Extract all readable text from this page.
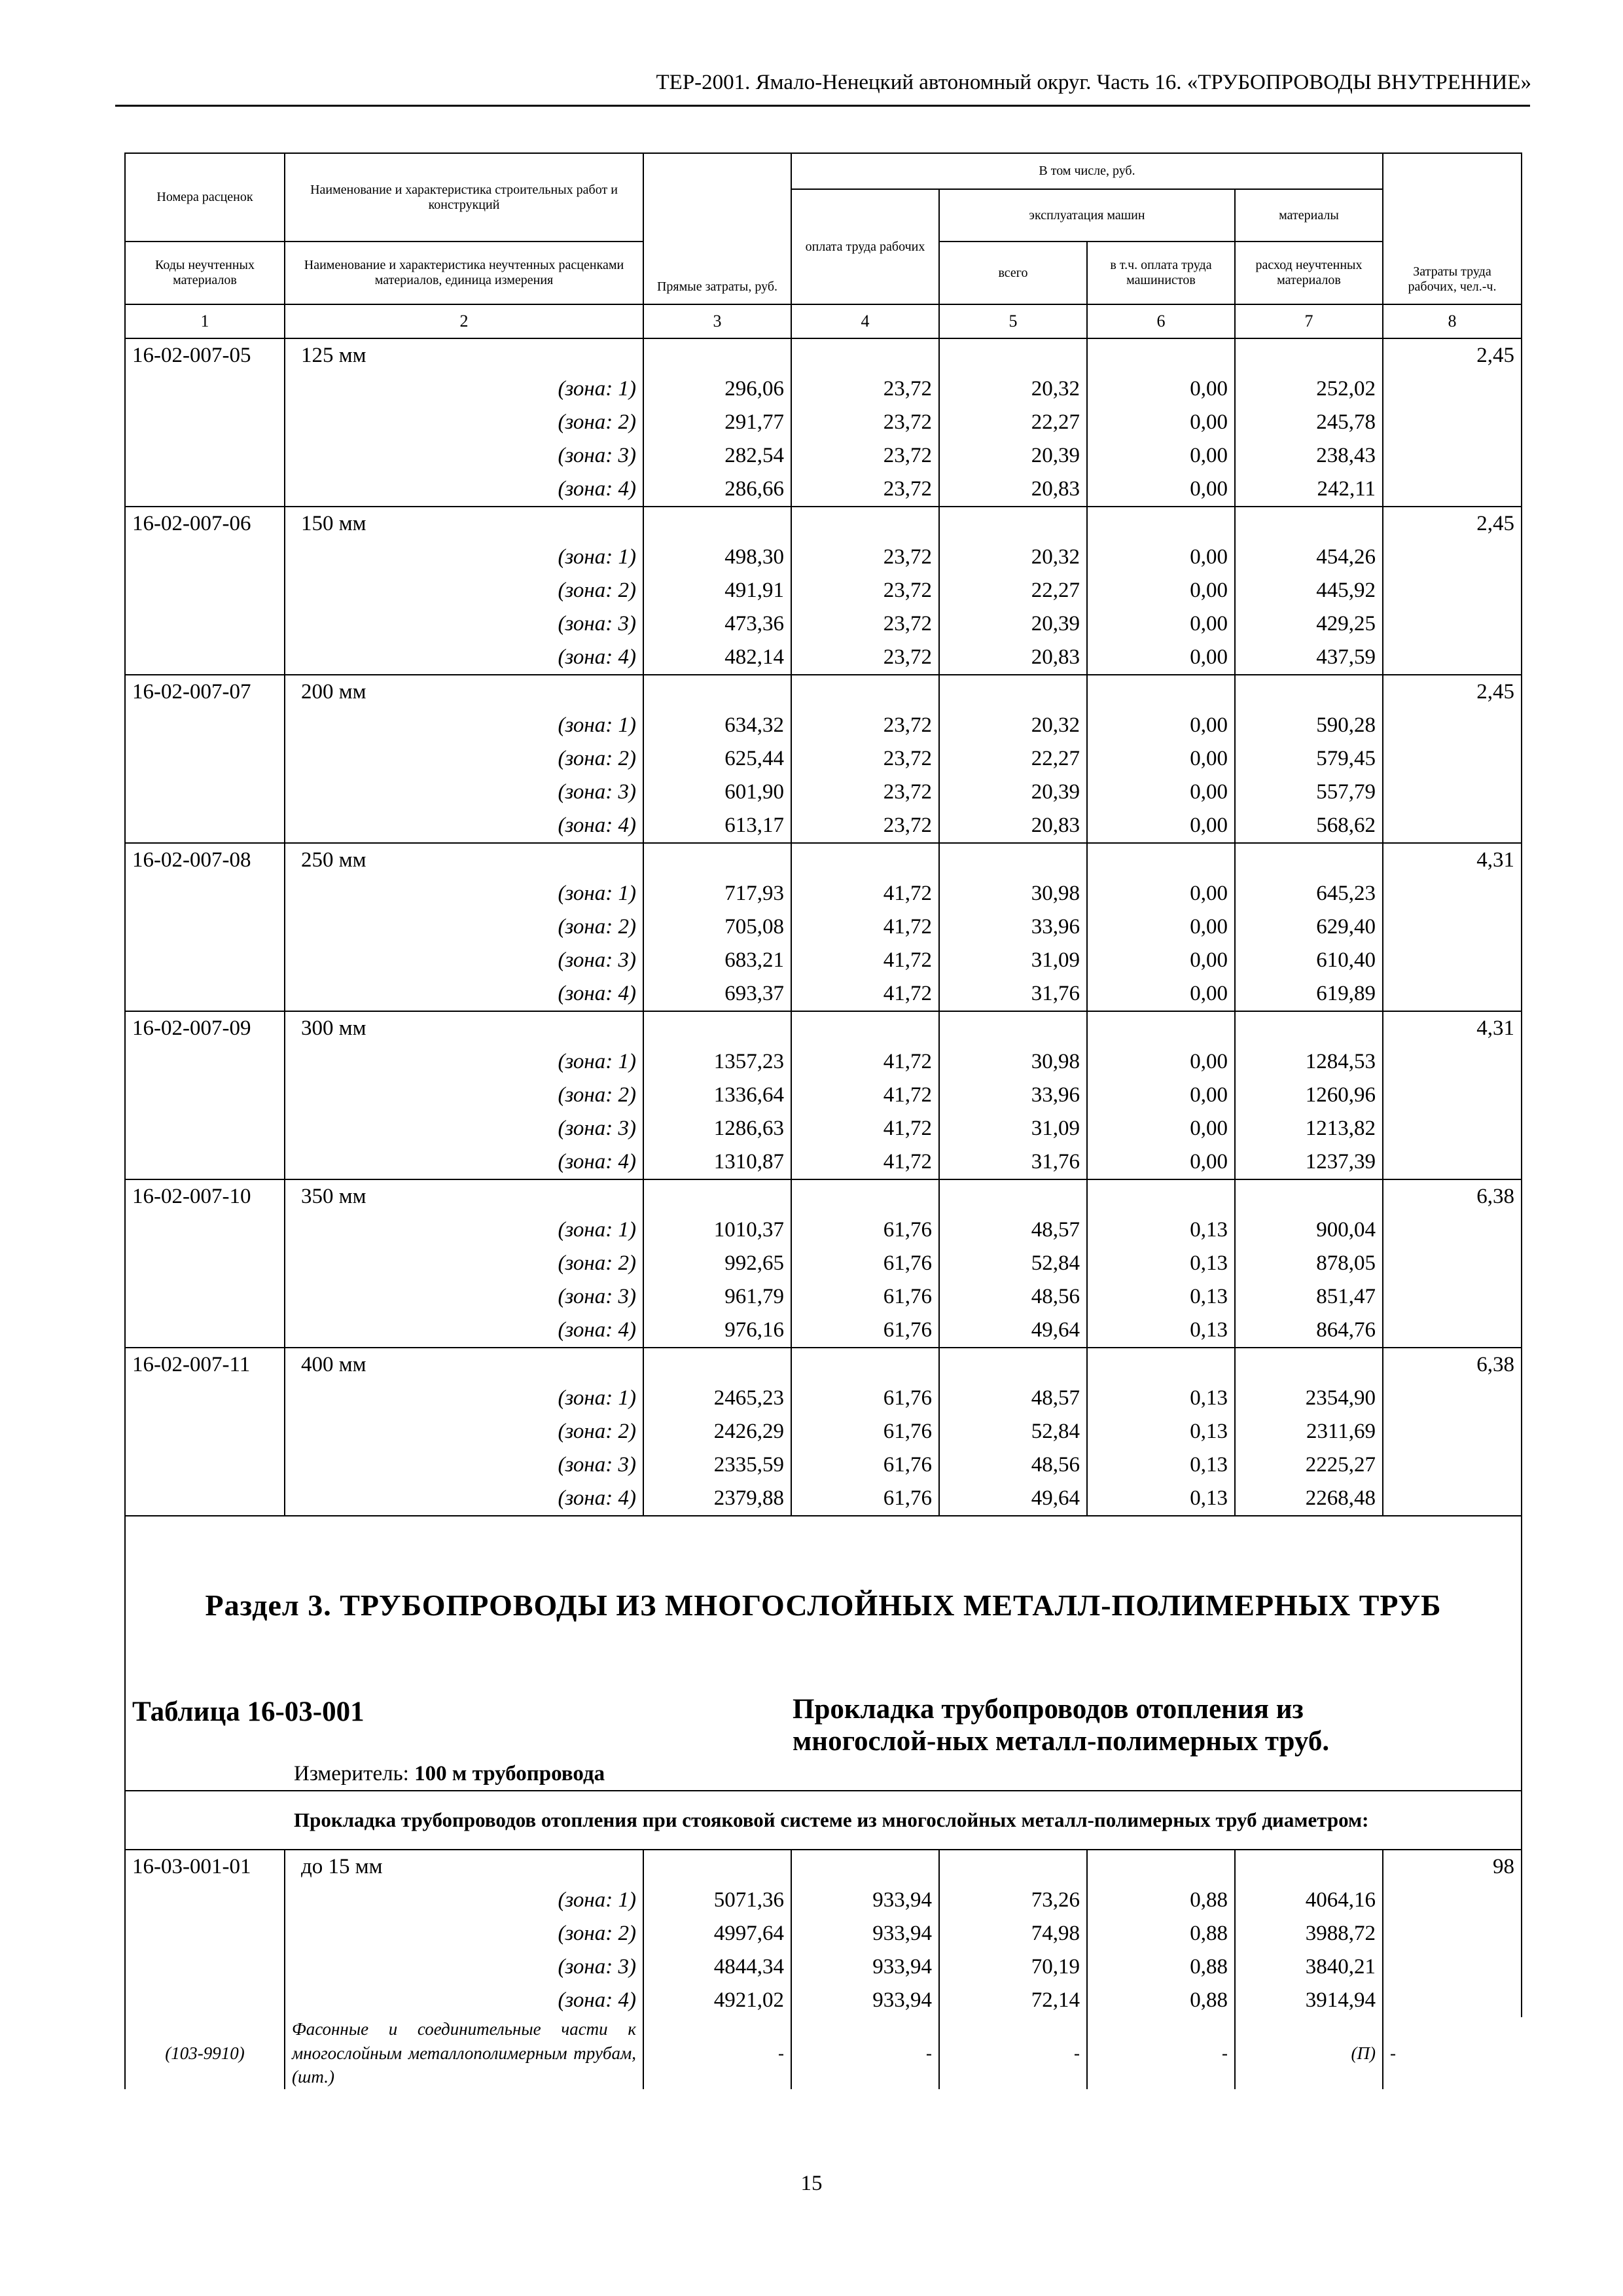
ТЕР-2001. Ямало-Ненецкий автономный округ. Часть 16. «ТРУБОПРОВОДЫ ВНУТРЕННИЕ»
Номера расценок	Наименование и характеристика строительных работ и конструкций	Прямые затраты, руб.	В том числе, руб.				Затраты труда рабочих, чел.-ч.
			оплата труда рабочих	эксплуатация машин		материалы	
Коды неучтенных материалов	Наименование и характеристика неучтенных расценками материалов, единица измерения			всего	в т.ч. оплата труда машинистов	расход неучтенных материалов	
1	2	3	4	5	6	7	8
16-02-007-05	125 мм						2,45
	(зона: 1)	296,06	23,72	20,32	0,00	252,02	
	(зона: 2)	291,77	23,72	22,27	0,00	245,78	
	(зона: 3)	282,54	23,72	20,39	0,00	238,43	
	(зона: 4)	286,66	23,72	20,83	0,00	242,11	
16-02-007-06	150 мм						2,45
	(зона: 1)	498,30	23,72	20,32	0,00	454,26	
	(зона: 2)	491,91	23,72	22,27	0,00	445,92	
	(зона: 3)	473,36	23,72	20,39	0,00	429,25	
	(зона: 4)	482,14	23,72	20,83	0,00	437,59	
16-02-007-07	200 мм						2,45
	(зона: 1)	634,32	23,72	20,32	0,00	590,28	
	(зона: 2)	625,44	23,72	22,27	0,00	579,45	
	(зона: 3)	601,90	23,72	20,39	0,00	557,79	
	(зона: 4)	613,17	23,72	20,83	0,00	568,62	
16-02-007-08	250 мм						4,31
	(зона: 1)	717,93	41,72	30,98	0,00	645,23	
	(зона: 2)	705,08	41,72	33,96	0,00	629,40	
	(зона: 3)	683,21	41,72	31,09	0,00	610,40	
	(зона: 4)	693,37	41,72	31,76	0,00	619,89	
16-02-007-09	300 мм						4,31
	(зона: 1)	1357,23	41,72	30,98	0,00	1284,53	
	(зона: 2)	1336,64	41,72	33,96	0,00	1260,96	
	(зона: 3)	1286,63	41,72	31,09	0,00	1213,82	
	(зона: 4)	1310,87	41,72	31,76	0,00	1237,39	
16-02-007-10	350 мм						6,38
	(зона: 1)	1010,37	61,76	48,57	0,13	900,04	
	(зона: 2)	992,65	61,76	52,84	0,13	878,05	
	(зона: 3)	961,79	61,76	48,56	0,13	851,47	
	(зона: 4)	976,16	61,76	49,64	0,13	864,76	
16-02-007-11	400 мм						6,38
	(зона: 1)	2465,23	61,76	48,57	0,13	2354,90	
	(зона: 2)	2426,29	61,76	52,84	0,13	2311,69	
	(зона: 3)	2335,59	61,76	48,56	0,13	2225,27	
	(зона: 4)	2379,88	61,76	49,64	0,13	2268,48	

Раздел 3. ТРУБОПРОВОДЫ ИЗ МНОГОСЛОЙНЫХ МЕТАЛЛ-ПОЛИМЕРНЫХ ТРУБ							

Таблица 16-03-001			Прокладка трубопроводов отопления из многослой-ных металл-полимерных труб.				
	Измеритель: 100 м трубопровода						
	Прокладка трубопроводов отопления при стояковой системе из многослойных металл-полимерных труб диаметром:						
16-03-001-01	до 15 мм						98
	(зона: 1)	5071,36	933,94	73,26	0,88	4064,16	
	(зона: 2)	4997,64	933,94	74,98	0,88	3988,72	
	(зона: 3)	4844,34	933,94	70,19	0,88	3840,21	
	(зона: 4)	4921,02	933,94	72,14	0,88	3914,94	
(103-9910)	Фасонные и соединительные части к многослойным металлополимерным трубам, (шт.)	-	-	-	-	(П)	-
15
